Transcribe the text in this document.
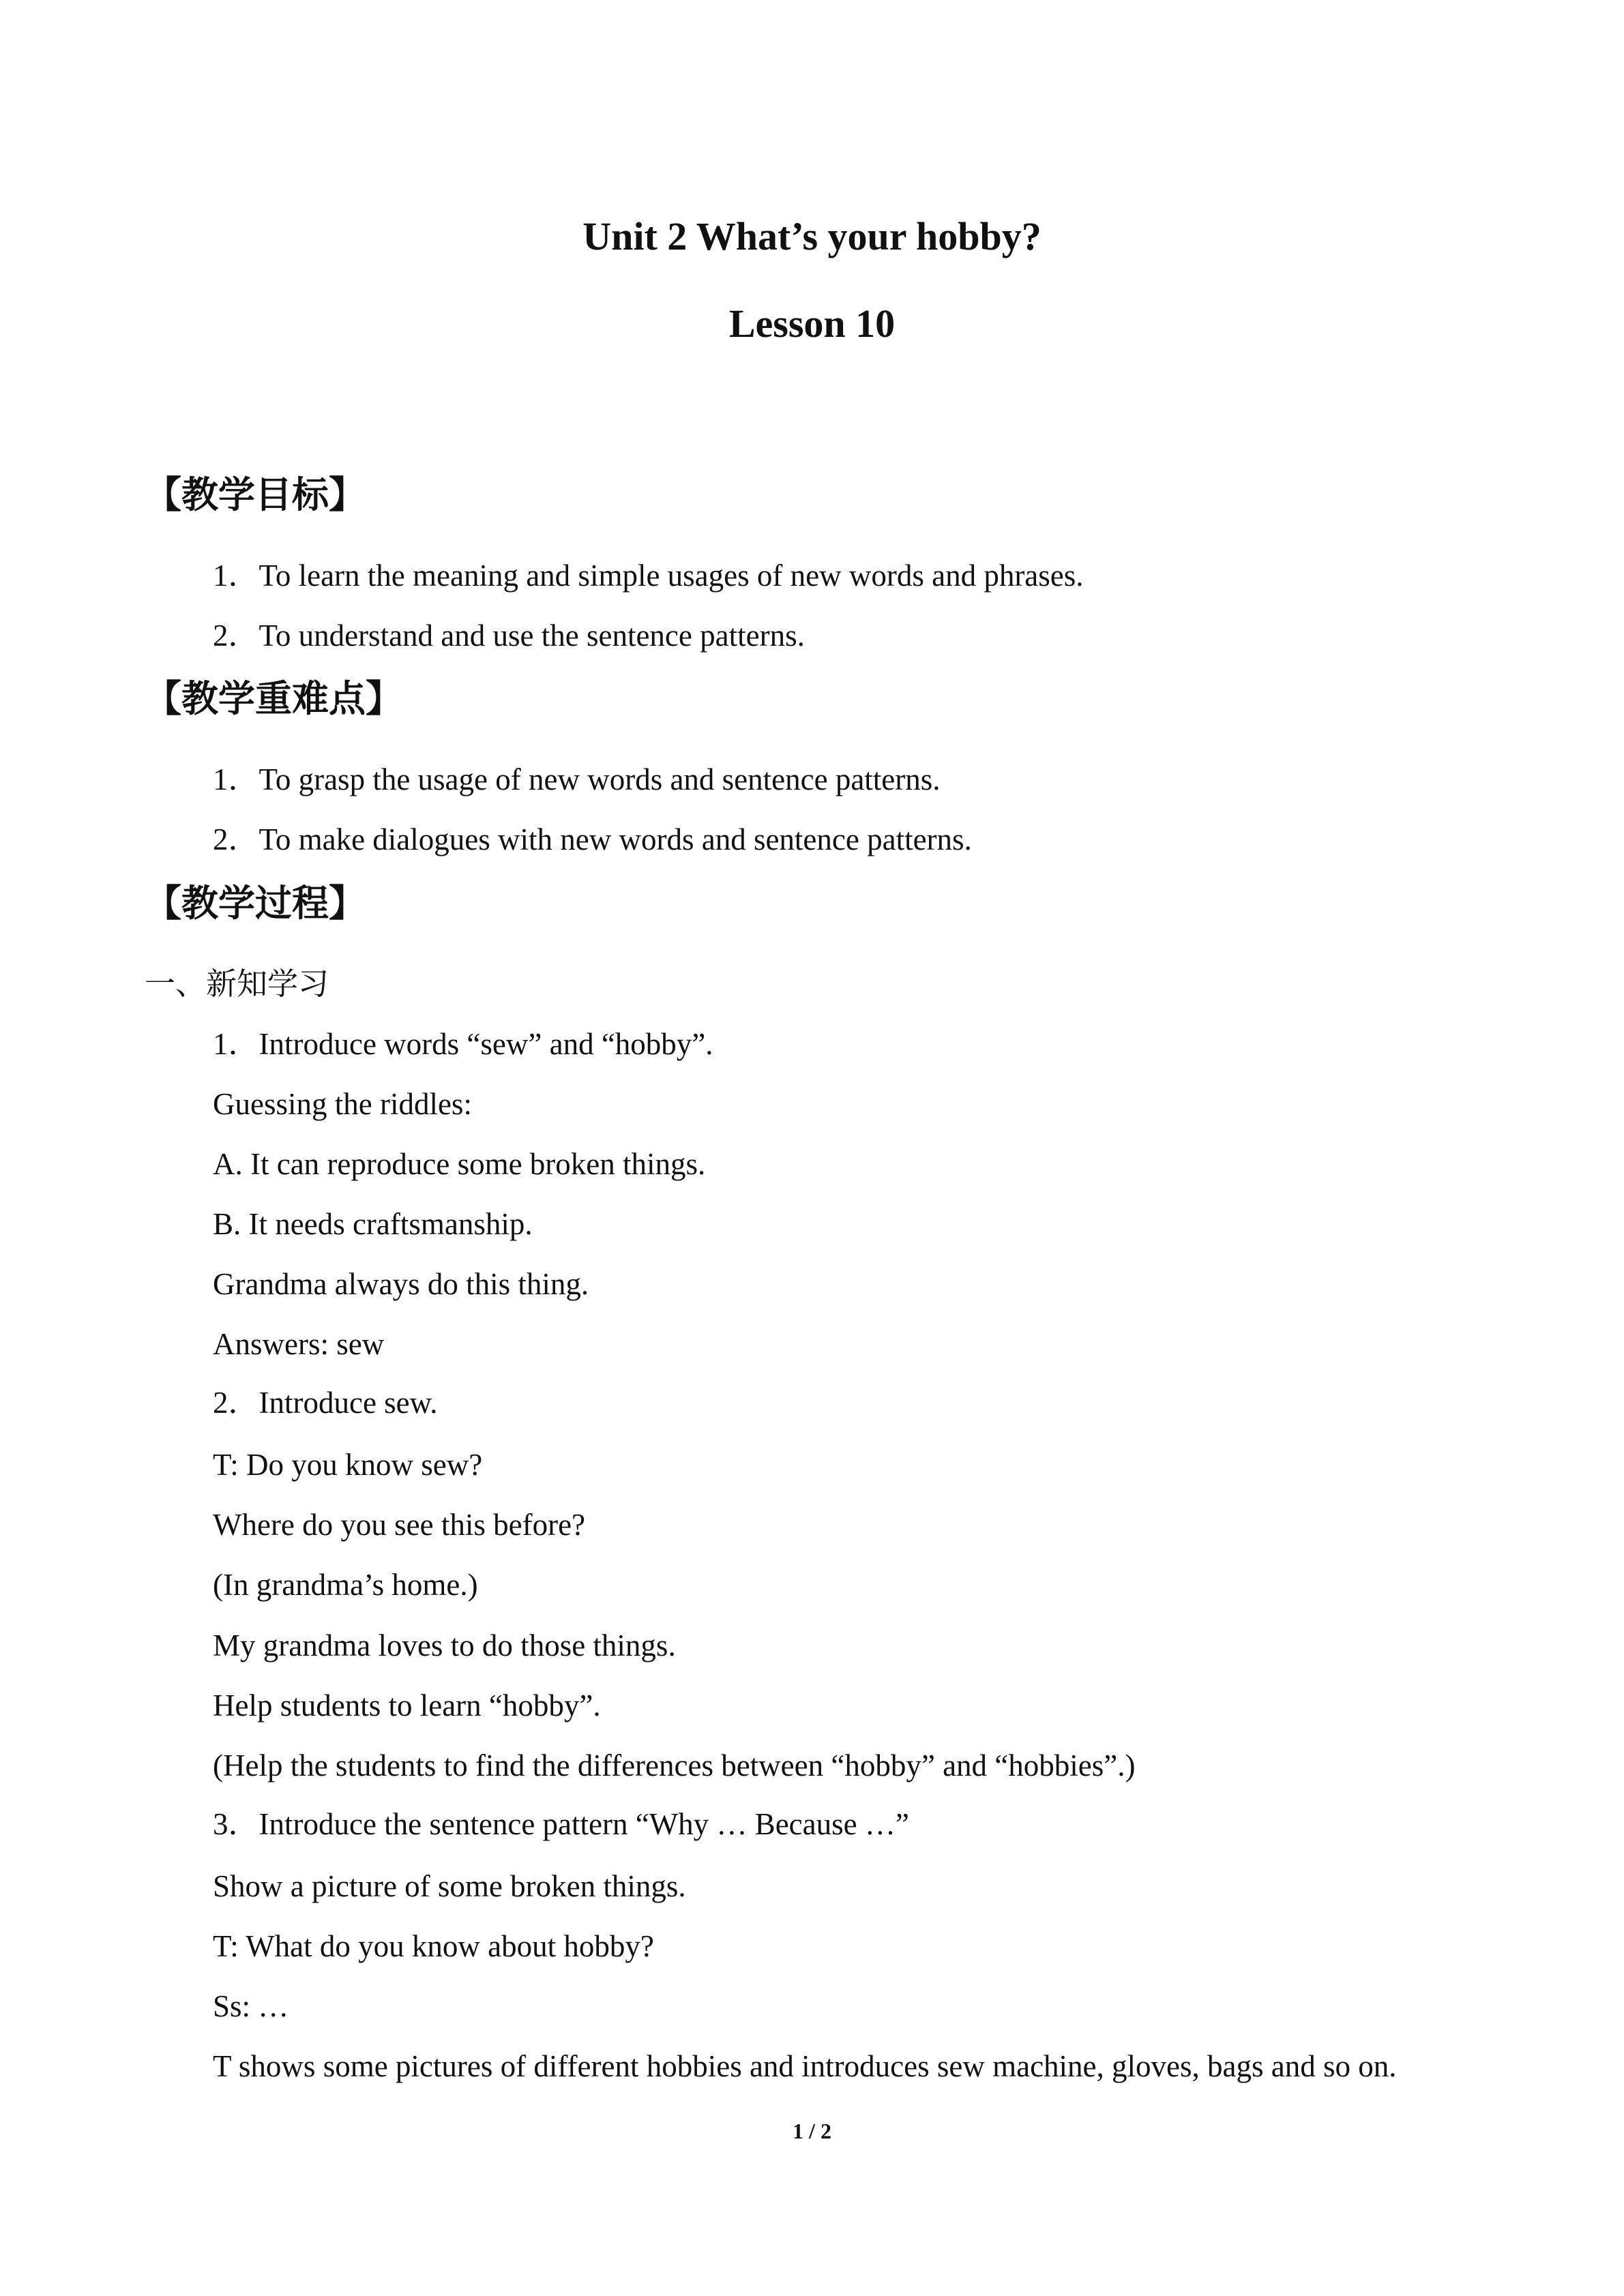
Unit 2 What’s your hobby?
Lesson 10
【教学目标】
1．To learn the meaning and simple usages of new words and phrases.
2．To understand and use the sentence patterns.
【教学重难点】
1．To grasp the usage of new words and sentence patterns.
2．To make dialogues with new words and sentence patterns.
【教学过程】
一、新知学习
1．Introduce words “sew” and “hobby”.
Guessing the riddles:
A. It can reproduce some broken things.
B. It needs craftsmanship.
Grandma always do this thing.
Answers: sew
2．Introduce sew.
T: Do you know sew?
Where do you see this before?
(In grandma’s home.)
My grandma loves to do those things.
Help students to learn “hobby”.
(Help the students to find the differences between “hobby” and “hobbies”.)
3．Introduce the sentence pattern “Why … Because …”
Show a picture of some broken things.
T: What do you know about hobby?
Ss: …
T shows some pictures of different hobbies and introduces sew machine, gloves, bags and so on.
1 / 2
